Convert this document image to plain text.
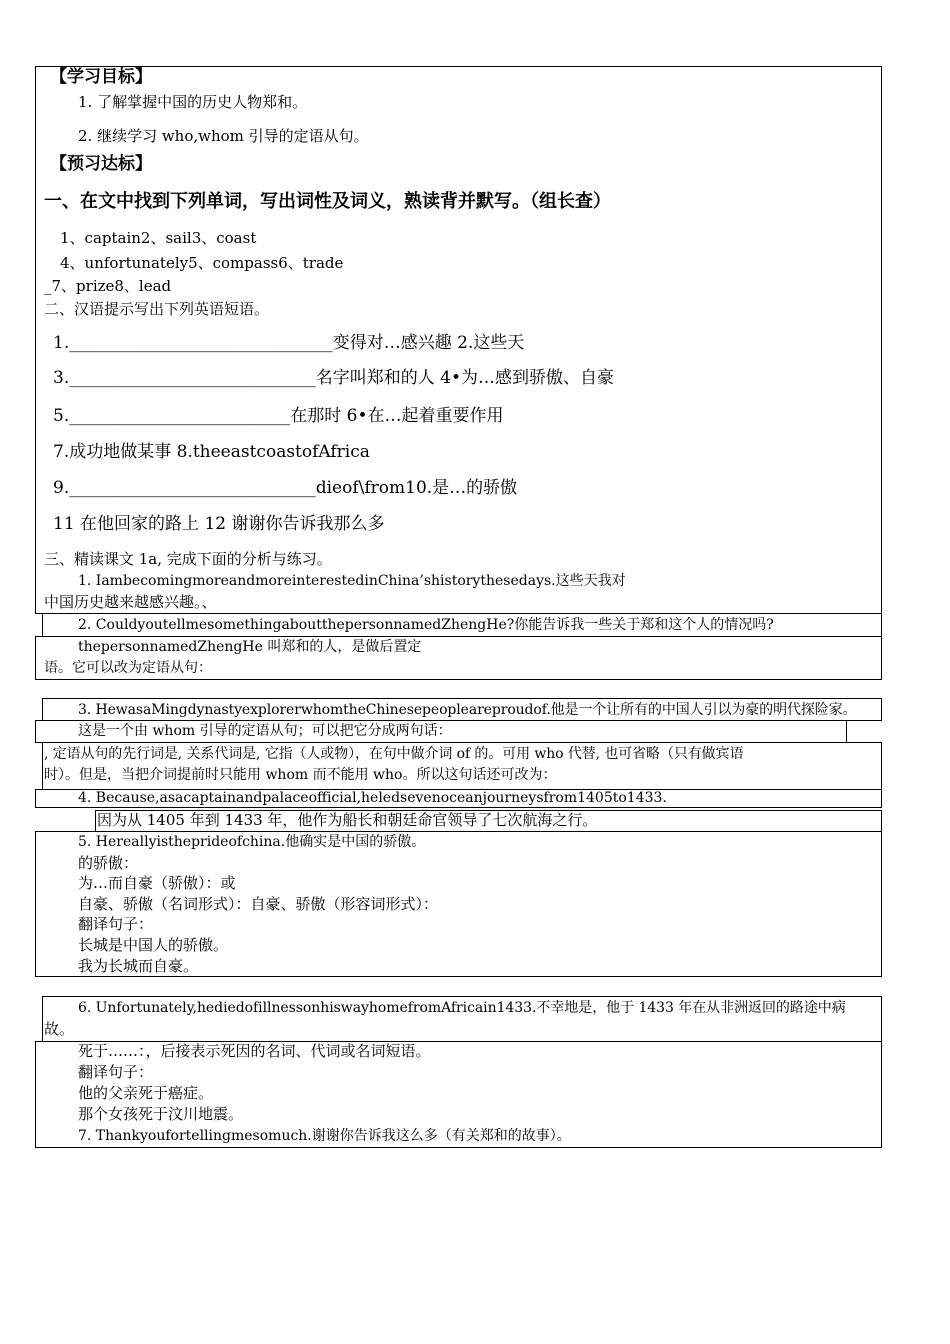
【学习目标】
1. 了解掌握中国的历史人物郑和。
2. 继续学习 who,whom 引导的定语从句。
【预习达标】
一、在文中找到下列单词，写出词性及词义，熟读背并默写。（组长查）
1、captain2、sail3、coast
4、unfortunately5、compass6、trade
_7、prize8、lead
二、汉语提示写出下列英语短语。
1._______________________________变得对…感兴趣 2.这些天
3._____________________________名字叫郑和的人 4•为…感到骄傲、自豪
5.__________________________在那时 6•在…起着重要作用
7.成功地做某事 8.theeastcoastofAfrica
9._____________________________dieof\from10.是…的骄傲
11 在他回家的路上 12 谢谢你告诉我那么多
三、精读课文 1a, 完成下面的分析与练习。
1. IambecomingmoreandmoreinterestedinChina’shistorythesedays.这些天我对
中国历史越来越感兴趣。、
2. CouldyoutellmesomethingaboutthepersonnamedZhengHe?你能告诉我一些关于郑和这个人的情况吗?
thepersonnamedZhengHe 叫郑和的人，是做后置定
语。它可以改为定语从句：
3. HewasaMingdynastyexplorerwhomtheChinesepeopleareproudof.他是一个让所有的中国人引以为豪的明代探险家。
这是一个由 whom 引导的定语从句；可以把它分成两句话：
, 定语从句的先行词是, 关系代词是, 它指（人或物），在句中做介词 of 的。可用 who 代替, 也可省略（只有做宾语
时）。但是，当把介词提前时只能用 whom 而不能用 who。所以这句话还可改为：
4. Because,asacaptainandpalaceofficial,heledsevenoceanjourneysfrom1405to1433.
因为从 1405 年到 1433 年，他作为船长和朝廷命官领导了七次航海之行。
5. Hereallyistheprideofchina.他确实是中国的骄傲。
的骄傲：
为…而自豪（骄傲）：或
自豪、骄傲（名词形式）：自豪、骄傲（形容词形式）：
翻译句子：
长城是中国人的骄傲。
我为长城而自豪。
6. Unfortunately,hediedofillnessonhiswayhomefromAfricain1433.不幸地是，他于 1433 年在从非洲返回的路途中病
故。
死于……：，后接表示死因的名词、代词或名词短语。
翻译句子：
他的父亲死于癌症。
那个女孩死于汶川地震。
7. Thankyoufortellingmesomuch.谢谢你告诉我这么多（有关郑和的故事）。
